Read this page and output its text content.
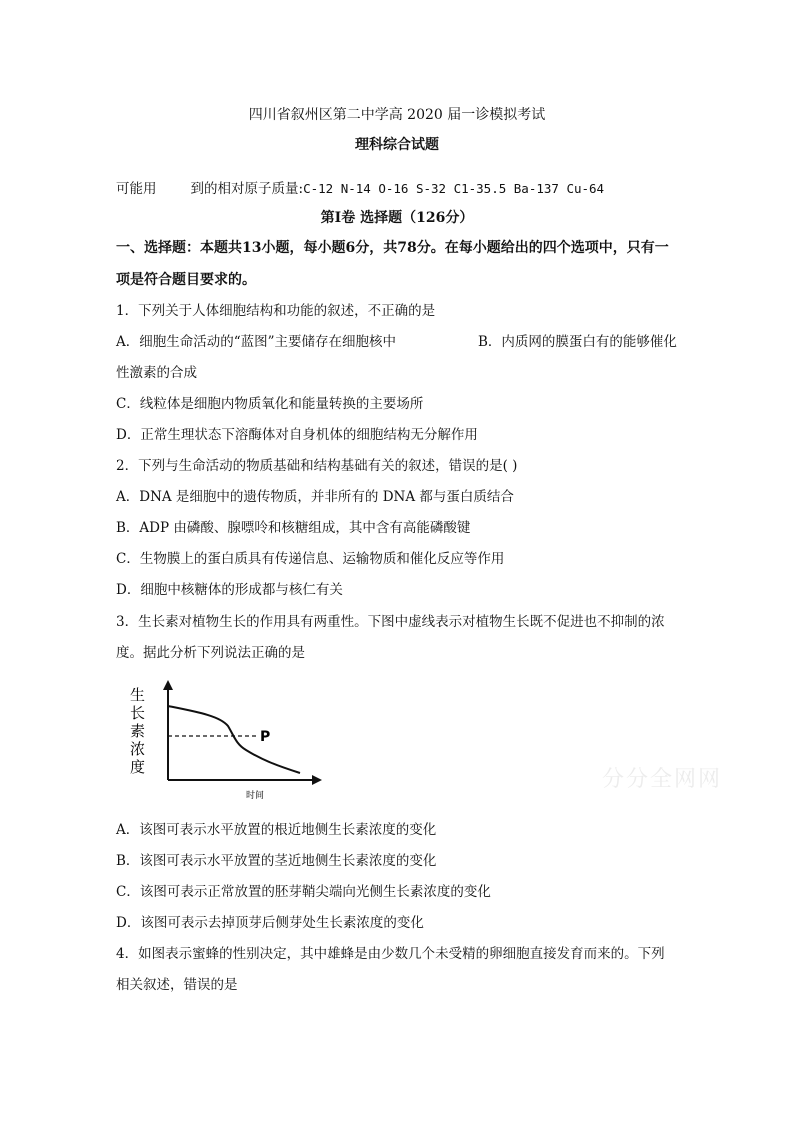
四川省叙州区第二中学高 2020 届一诊模拟考试
理科综合试题
可能用	到的相对原子质量:C-12 N-14 O-16 S-32 C1-35.5 Ba-137 Cu-64
第Ⅰ卷 选择题（126分）
一、选择题：本题共13小题，每小题6分，共78分。在每小题给出的四个选项中，只有一
项是符合题目要求的。
1．下列关于人体细胞结构和功能的叙述，不正确的是
A．细胞生命活动的“蓝图”主要储存在细胞核中	B．内质网的膜蛋白有的能够催化
性激素的合成
C．线粒体是细胞内物质氧化和能量转换的主要场所
D．正常生理状态下溶酶体对自身机体的细胞结构无分解作用
2．下列与生命活动的物质基础和结构基础有关的叙述，错误的是( )
A．DNA 是细胞中的遗传物质，并非所有的 DNA 都与蛋白质结合
B．ADP 由磷酸、腺嘌呤和核糖组成，其中含有高能磷酸键
C．生物膜上的蛋白质具有传递信息、运输物质和催化反应等作用
D．细胞中核糖体的形成都与核仁有关
3．生长素对植物生长的作用具有两重性。下图中虚线表示对植物生长既不促进也不抑制的浓
度。据此分析下列说法正确的是
生
长
素
浓
度
P
时间
分分全网网
A．该图可表示水平放置的根近地侧生长素浓度的变化
B．该图可表示水平放置的茎近地侧生长素浓度的变化
C．该图可表示正常放置的胚芽鞘尖端向光侧生长素浓度的变化
D．该图可表示去掉顶芽后侧芽处生长素浓度的变化
4．如图表示蜜蜂的性别决定，其中雄蜂是由少数几个未受精的卵细胞直接发育而来的。下列
相关叙述，错误的是
